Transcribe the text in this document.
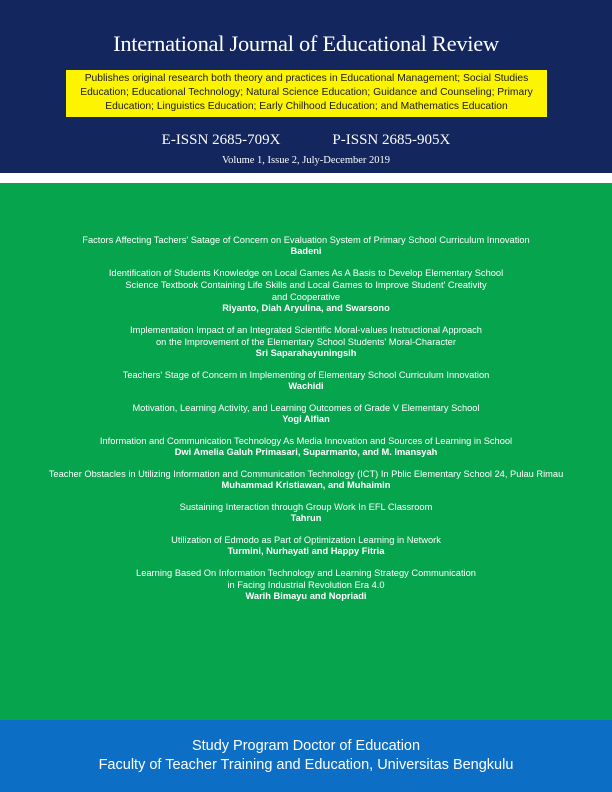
International Journal of Educational Review
Publishes original research both theory and practices in Educational Management; Social Studies Education; Educational Technology; Natural Science Education; Guidance and Counseling; Primary Education; Linguistics Education; Early Chilhood Education; and Mathematics Education
E-ISSN 2685-709X	P-ISSN 2685-905X
Volume 1, Issue 2, July-December 2019
Factors Affecting Tachers' Satage of Concern on Evaluation System of Primary School Curriculum Innovation
Badeni
Identification of Students Knowledge on Local Games As A Basis to Develop Elementary School
Science Textbook Containing Life Skills and Local Games to Improve Student' Creativity
and Cooperative
Riyanto, Diah Aryulina, and Swarsono
Implementation Impact of an Integrated Scientific Moral-values Instructional Approach
on the Improvement of the Elementary School Students' Moral-Character
Sri Saparahayuningsih
Teachers' Stage of Concern in Implementing of Elementary School Curriculum Innovation
Wachidi
Motivation, Learning Activity, and Learning Outcomes of Grade V Elementary School
Yogi Alfian
Information and Communication Technology As Media Innovation and Sources of Learning in School
Dwi Amelia Galuh Primasari, Suparmanto, and M. Imansyah
Teacher Obstacles in Utilizing Information and Communication Technology (ICT) In Pblic Elementary School 24, Pulau Rimau
Muhammad Kristiawan, and Muhaimin
Sustaining Interaction through Group Work In EFL Classroom
Tahrun
Utilization of Edmodo as Part of Optimization Learning in Network
Turmini, Nurhayati and Happy Fitria
Learning Based On Information Technology and Learning Strategy Communication
in Facing Industrial Revolution Era 4.0
Warih Bimayu and Nopriadi
Study Program Doctor of Education
Faculty of Teacher Training and Education, Universitas Bengkulu
